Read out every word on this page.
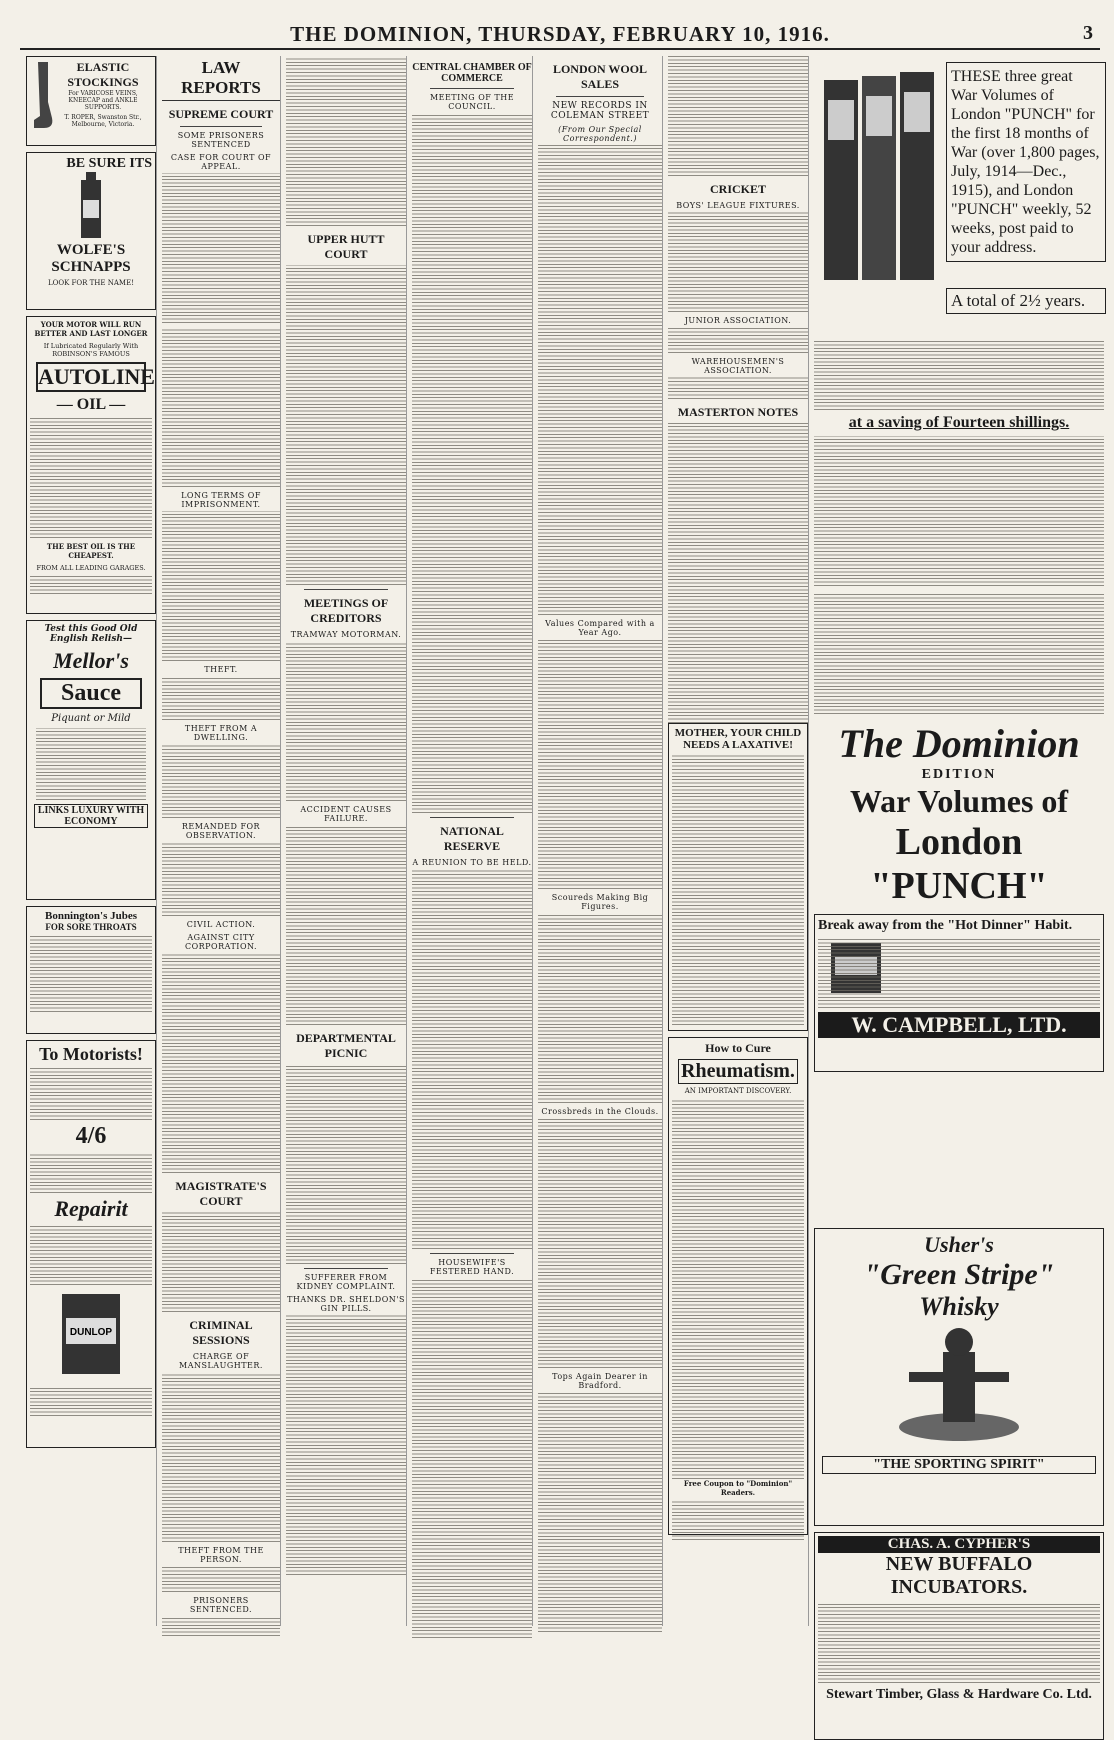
THE DOMINION, THURSDAY, FEBRUARY 10, 1916.	3
ELASTIC STOCKINGS
For VARICOSE VEINS, KNEECAP and ANKLE SUPPORTS.
T. ROPER, Swanston Str., Melbourne, Victoria.
BE SURE ITS
WOLFE'S SCHNAPPS
LOOK FOR THE NAME!
YOUR MOTOR WILL RUN BETTER AND LAST LONGER
If Lubricated Regularly With ROBINSON'S FAMOUS
AUTOLINE
— OIL —
THE BEST OIL IS THE CHEAPEST.
FROM ALL LEADING GARAGES.
Test this Good Old English Relish—
Mellor's
Sauce
Piquant or Mild
LINKS LUXURY WITH ECONOMY
Bonnington's Jubes
FOR SORE THROATS
To Motorists!
4/6
Repairit
DUNLOP
LAW REPORTS
SUPREME COURT
SOME PRISONERS SENTENCED
CASE FOR COURT OF APPEAL.
LONG TERMS OF IMPRISONMENT.
THEFT.
THEFT FROM A DWELLING.
REMANDED FOR OBSERVATION.
CIVIL ACTION.
AGAINST CITY CORPORATION.
MAGISTRATE'S COURT
CRIMINAL SESSIONS
CHARGE OF MANSLAUGHTER.
THEFT FROM THE PERSON.
PRISONERS SENTENCED.
UPPER HUTT COURT
MEETINGS OF CREDITORS
TRAMWAY MOTORMAN.
ACCIDENT CAUSES FAILURE.
DEPARTMENTAL PICNIC
SUFFERER FROM KIDNEY COMPLAINT.
THANKS DR. SHELDON'S GIN PILLS.
CENTRAL CHAMBER OF COMMERCE
MEETING OF THE COUNCIL.
NATIONAL RESERVE
A REUNION TO BE HELD.
HOUSEWIFE'S FESTERED HAND.
LONDON WOOL SALES
NEW RECORDS IN COLEMAN STREET
(From Our Special Correspondent.)
Values Compared with a Year Ago.
Scoureds Making Big Figures.
Crossbreds in the Clouds.
Tops Again Dearer in Bradford.
CRICKET
BOYS' LEAGUE FIXTURES.
JUNIOR ASSOCIATION.
WAREHOUSEMEN'S ASSOCIATION.
MASTERTON NOTES
MOTHER, YOUR CHILD NEEDS A LAXATIVE!
How to Cure
Rheumatism.
AN IMPORTANT DISCOVERY.
Free Coupon to "Dominion" Readers.
THESE three great War Volumes of London "PUNCH" for the first 18 months of War (over 1,800 pages, July, 1914—Dec., 1915), and London "PUNCH" weekly, 52 weeks, post paid to your address.
A total of 2½ years.
at a saving of Fourteen shillings.
The Dominion
EDITION
War Volumes of
London "PUNCH"
Break away from the "Hot Dinner" Habit.
W. CAMPBELL, LTD.
Usher's
"Green Stripe"
Whisky
"THE SPORTING SPIRIT"
CHAS. A. CYPHER'S
NEW BUFFALO INCUBATORS.
Stewart Timber, Glass & Hardware Co. Ltd.
